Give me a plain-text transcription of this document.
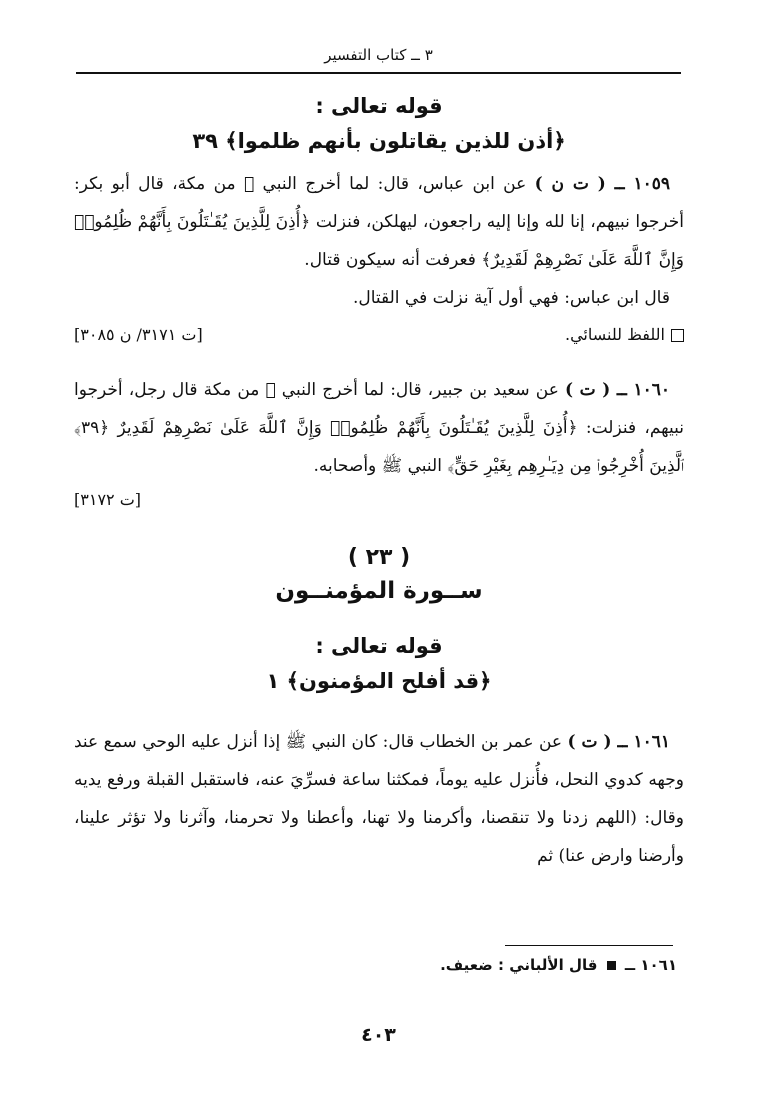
٣ ــ كتاب التفسير
قوله تعالى :
﴿أذن للذين يقاتلون بأنهم ظلموا﴾ ٣٩

١٠٥٩ ــ ( ت ن ) عن ابن عباس، قال: لما أخرج النبي ﷺ من مكة، قال أبو بكر: أخرجوا نبيهم، إنا لله وإنا إليه راجعون، ليهلكن، فنزلت ﴿أُذِنَ لِلَّذِينَ يُقَـٰتَلُونَ بِأَنَّهُمْ ظُلِمُوا۟ وَإِنَّ ٱللَّهَ عَلَىٰ نَصْرِهِمْ لَقَدِيرٌ﴾ فعرفت أنه سيكون قتال.

قال ابن عباس: فهي أول آية نزلت في القتال.

اللفظ للنسائي.
[ت ٣١٧١/ ن ٣٠٨٥]

١٠٦٠ ــ ( ت ) عن سعيد بن جبير، قال: لما أخرج النبي ﷺ من مكة قال رجل، أخرجوا نبيهم، فنزلت: ﴿أُذِنَ لِلَّذِينَ يُقَـٰتَلُونَ بِأَنَّهُمْ ظُلِمُوا۟ وَإِنَّ ٱللَّهَ عَلَىٰ نَصْرِهِمْ لَقَدِيرٌ ﴿٣٩﴾ ٱلَّذِينَ أُخْرِجُوا۟ مِن دِيَـٰرِهِم بِغَيْرِ حَقٍّ﴾ النبي ﷺ وأصحابه.

[ت ٣١٧٢]
( ٢٣ )
ســورة المؤمنــون
قوله تعالى :
﴿قد أفلح المؤمنون﴾ ١

١٠٦١ ــ ( ت ) عن عمر بن الخطاب قال: كان النبي ﷺ إذا أنزل عليه الوحي سمع عند وجهه كدوي النحل، فأُنزل عليه يوماً، فمكثنا ساعة فسرِّيَ عنه، فاستقبل القبلة ورفع يديه وقال: (اللهم زدنا ولا تنقصنا، وأكرمنا ولا تهنا، وأعطنا ولا تحرمنا، وآثرنا ولا تؤثر علينا، وأرضنا وارض عنا) ثم

١٠٦١ ــ  قال الألباني : ضعيف.
٤٠٣
